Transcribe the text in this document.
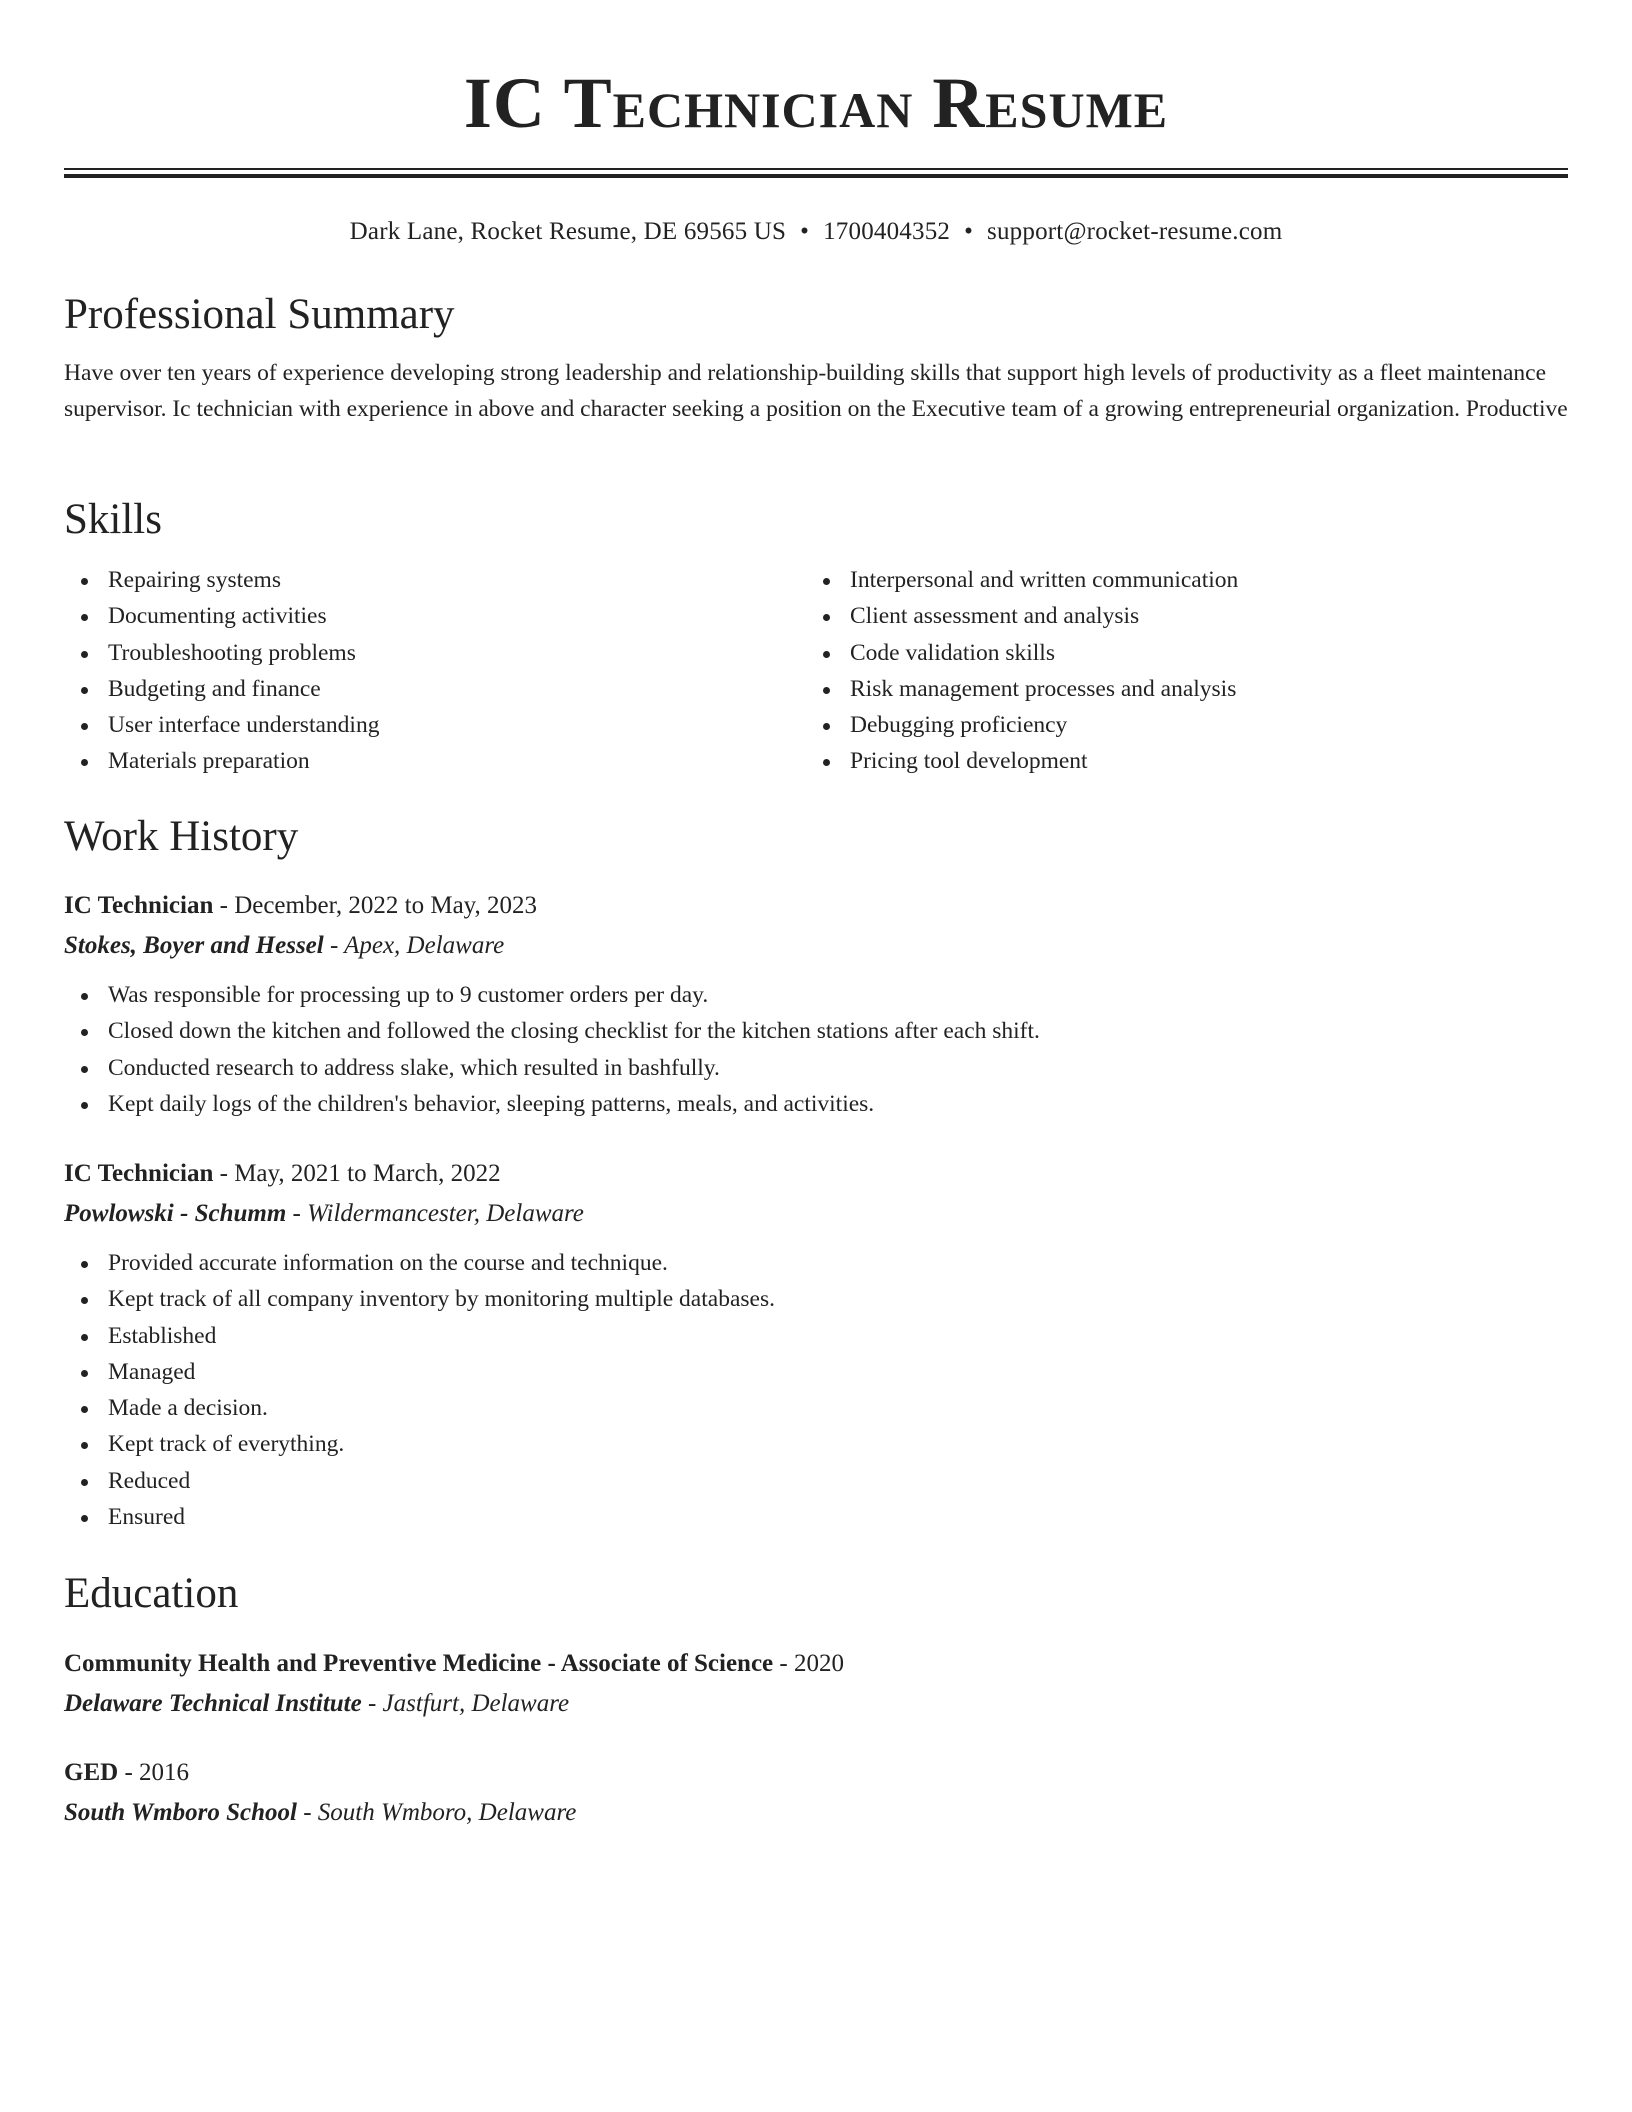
IC Technician Resume
Dark Lane, Rocket Resume, DE 69565 US • 1700404352 • support@rocket-resume.com
Professional Summary
Have over ten years of experience developing strong leadership and relationship-building skills that support high levels of productivity as a fleet maintenance supervisor. Ic technician with experience in above and character seeking a position on the Executive team of a growing entrepreneurial organization. Productive
Skills
Repairing systems
Documenting activities
Troubleshooting problems
Budgeting and finance
User interface understanding
Materials preparation
Interpersonal and written communication
Client assessment and analysis
Code validation skills
Risk management processes and analysis
Debugging proficiency
Pricing tool development
Work History
IC Technician - December, 2022 to May, 2023
Stokes, Boyer and Hessel - Apex, Delaware
Was responsible for processing up to 9 customer orders per day.
Closed down the kitchen and followed the closing checklist for the kitchen stations after each shift.
Conducted research to address slake, which resulted in bashfully.
Kept daily logs of the children's behavior, sleeping patterns, meals, and activities.
IC Technician - May, 2021 to March, 2022
Powlowski - Schumm - Wildermancester, Delaware
Provided accurate information on the course and technique.
Kept track of all company inventory by monitoring multiple databases.
Established
Managed
Made a decision.
Kept track of everything.
Reduced
Ensured
Education
Community Health and Preventive Medicine - Associate of Science - 2020
Delaware Technical Institute - Jastfurt, Delaware
GED - 2016
South Wmboro School - South Wmboro, Delaware
